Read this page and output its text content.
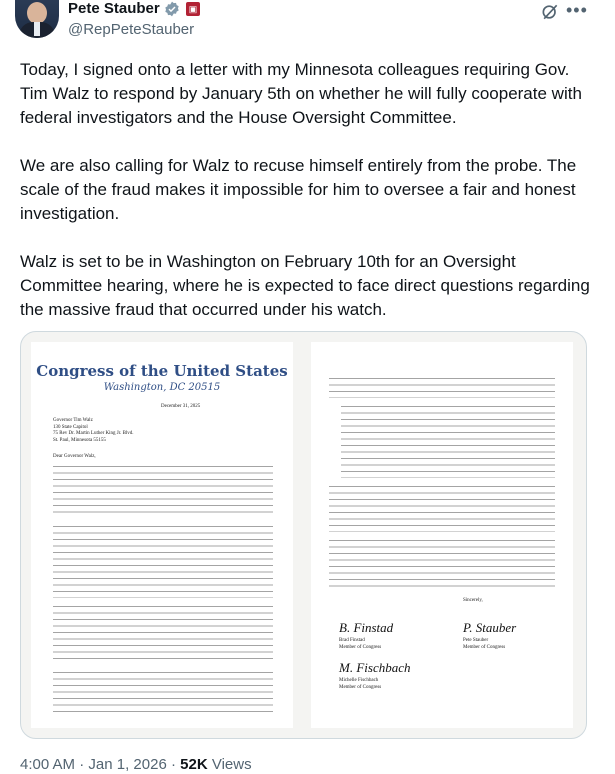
Pete Stauber	▣
@RepPeteStauber
•••

Today, I signed onto a letter with my Minnesota colleagues requiring Gov. Tim Walz to respond by January 5th on whether he will fully cooperate with federal investigators and the House Oversight Committee.

We are also calling for Walz to recuse himself entirely from the probe. The scale of the fraud makes it impossible for him to oversee a fair and honest investigation.

Walz is set to be in Washington on February 10th for an Oversight Committee hearing, where he is expected to face direct questions regarding the massive fraud that occurred under his watch.

Congress of the United States
Washington, DC 20515
December 31, 2025
Governor Tim Walz
130 State Capitol
75 Rev Dr. Martin Luther King Jr. Blvd.
St. Paul, Minnesota 55155
Dear Governor Walz,
Sincerely,
B. Finstad
Brad Finstad
Member of Congress
P. Stauber
Pete Stauber
Member of Congress
M. Fischbach
Michelle Fischbach
Member of Congress
4:00 AM · Jan 1, 2026 · 52K Views
